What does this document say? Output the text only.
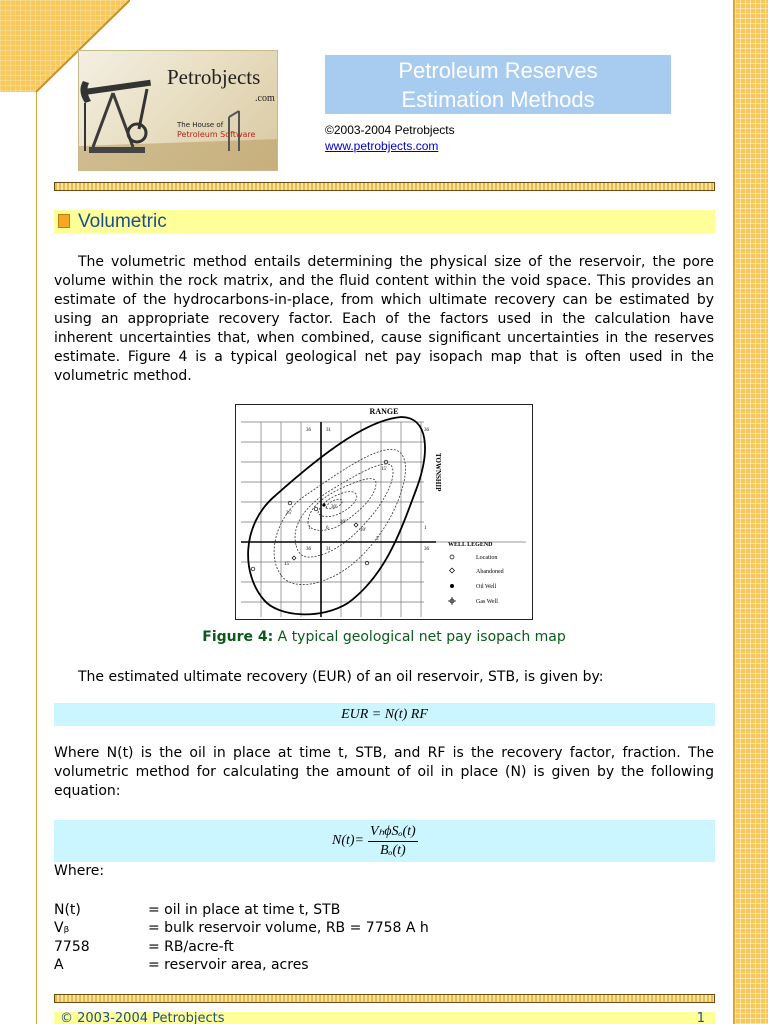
Petrobjects
.com
The House of
Petroleum Software
Petroleum Reserves
Estimation Methods
©2003-2004 Petrobjects
www.petrobjects.com
Volumetric

The volumetric method entails determining the physical size of the reservoir, the pore volume within the rock matrix, and the fluid content within the void space. This provides an estimate of the hydrocarbons-in-place, from which ultimate recovery can be estimated by using an appropriate recovery factor. Each of the factors used in the calculation have inherent uncertainties that, when combined, cause significant uncertainties in the reserves estimate. Figure 4 is a typical geological net pay isopach map that is often used in the volumetric method.

RANGE
TOWNSHIP
36	31	36
1	6	1
36	31	36
15'
25'
20'
30'
10'
15'
5'
WELL LEGEND
Location
Abandoned
Oil Well
Gas Well
Figure 4: A typical geological net pay isopach map

The estimated ultimate recovery (EUR) of an oil reservoir, STB, is given by:

EUR = N(t) RF

Where N(t) is the oil in place at time t, STB, and RF is the recovery factor, fraction. The volumetric method for calculating the amount of oil in place (N) is given by the following equation:

$N(t)= \frac{\text{VₕϕSₒ(t)}}{\text{Bₒ(t)}}$
Where:
N(t)	= oil in place at time t, STB
Vᵦ	= bulk reservoir volume, RB = 7758 A h
7758	= RB/acre-ft
A	= reservoir area, acres
© 2003-2004 Petrobjects	1
